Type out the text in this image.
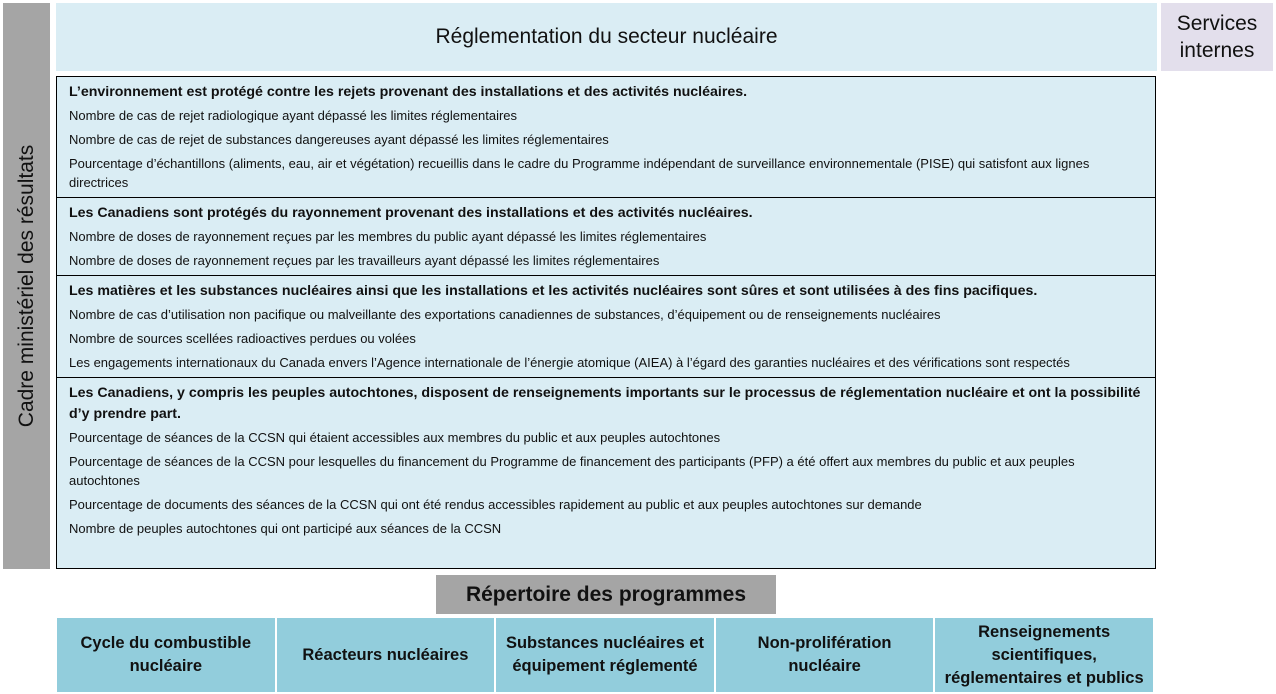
Cadre ministériel des résultats
Réglementation du secteur nucléaire
Services internes
L’environnement est protégé contre les rejets provenant des installations et des activités nucléaires.
Nombre de cas de rejet radiologique ayant dépassé les limites réglementaires
Nombre de cas de rejet de substances dangereuses ayant dépassé les limites réglementaires
Pourcentage d’échantillons (aliments, eau, air et végétation) recueillis dans le cadre du Programme indépendant de surveillance environnementale (PISE) qui satisfont aux lignes directrices
Les Canadiens sont protégés du rayonnement provenant des installations et des activités nucléaires.
Nombre de doses de rayonnement reçues par les membres du public ayant dépassé les limites réglementaires
Nombre de doses de rayonnement reçues par les travailleurs ayant dépassé les limites réglementaires
Les matières et les substances nucléaires ainsi que les installations et les activités nucléaires sont sûres et sont utilisées à des fins pacifiques.
Nombre de cas d’utilisation non pacifique ou malveillante des exportations canadiennes de substances, d’équipement ou de renseignements nucléaires
Nombre de sources scellées radioactives perdues ou volées
Les engagements internationaux du Canada envers l’Agence internationale de l’énergie atomique (AIEA) à l’égard des garanties nucléaires et des vérifications sont respectés
Les Canadiens, y compris les peuples autochtones, disposent de renseignements importants sur le processus de réglementation nucléaire et ont la possibilité d’y prendre part.
Pourcentage de séances de la CCSN qui étaient accessibles aux membres du public et aux peuples autochtones
Pourcentage de séances de la CCSN pour lesquelles du financement du Programme de financement des participants (PFP) a été offert aux membres du public et aux peuples autochtones
Pourcentage de documents des séances de la CCSN qui ont été rendus accessibles rapidement au public et aux peuples autochtones sur demande
Nombre de peuples autochtones qui ont participé aux séances de la CCSN
Répertoire des programmes
Cycle du combustible nucléaire
Réacteurs nucléaires
Substances nucléaires et équipement réglementé
Non-prolifération nucléaire
Renseignements scientifiques, réglementaires et publics
